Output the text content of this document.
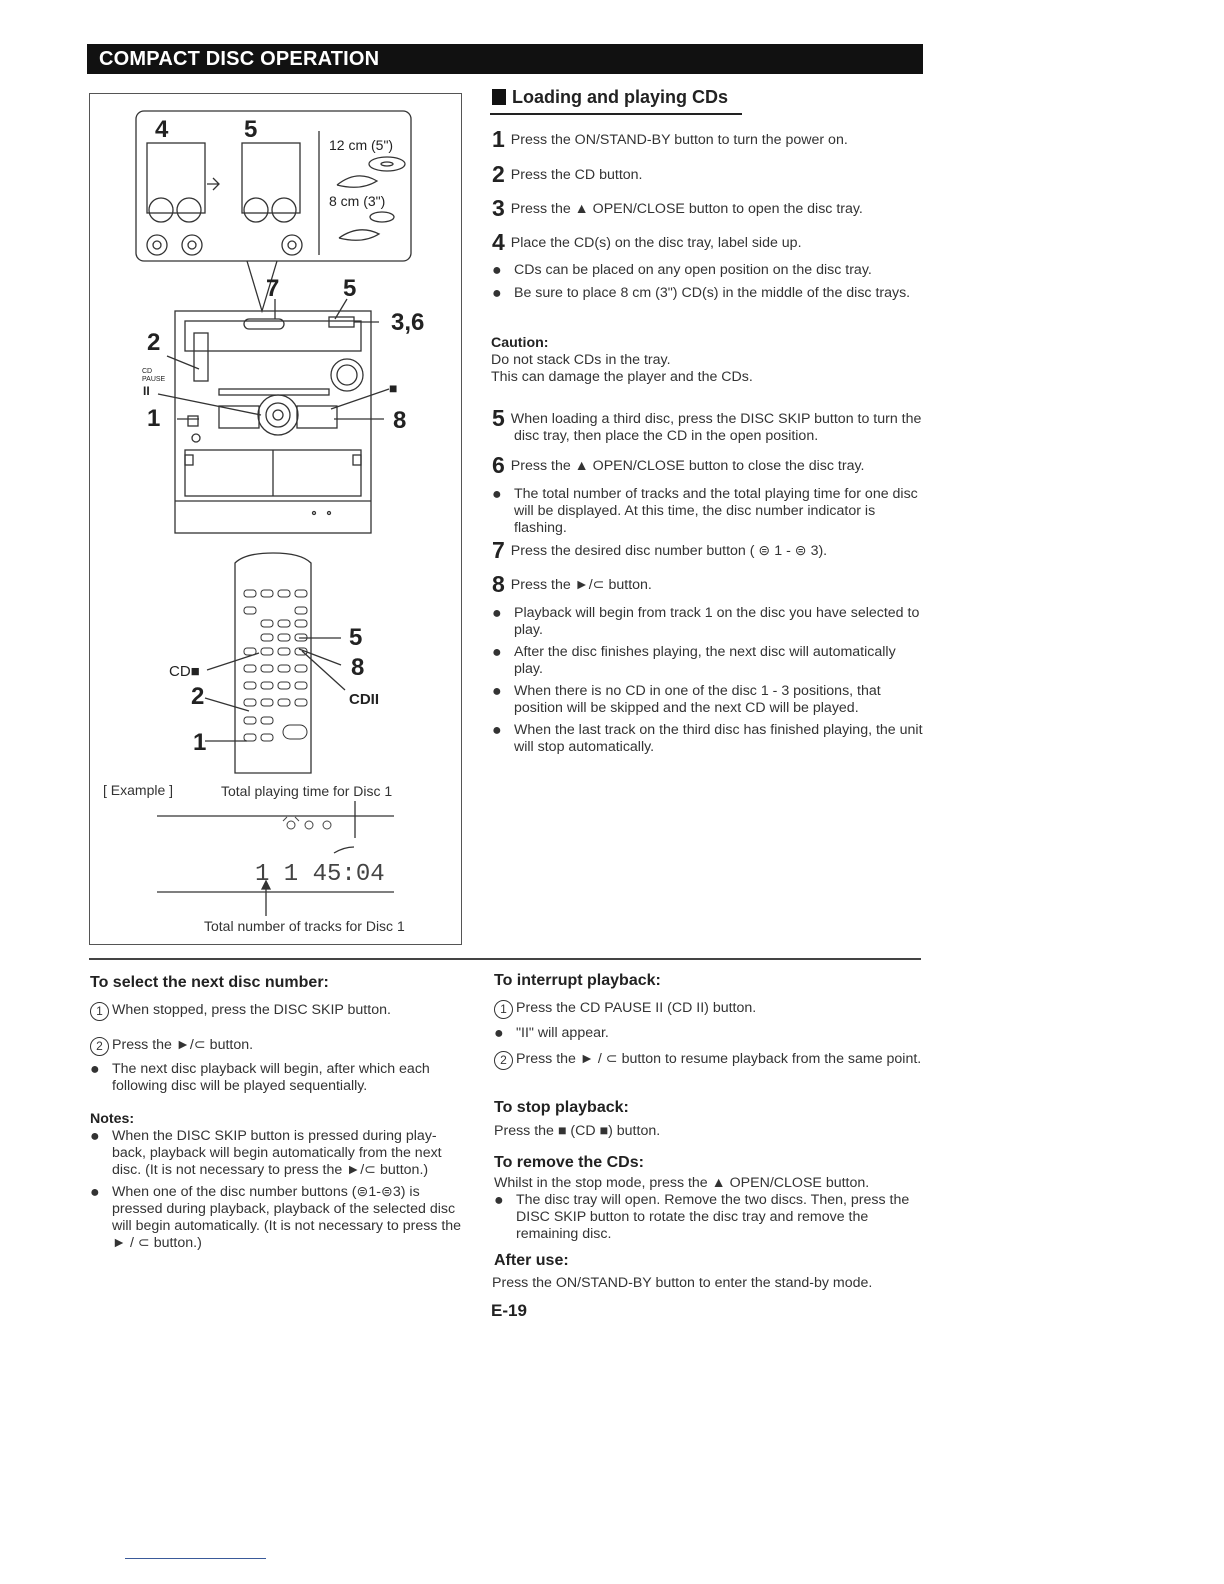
COMPACT DISC OPERATION
4	5
12 cm (5")
8 cm (3")
7	5
3,6
2
CD
PAUSE
II
1
■
8
5
8
CD■
CDII
2
1
[ Example ]	Total playing time for Disc 1
1 1 45:04
Total number of tracks for Disc 1
Loading and playing CDs
1 Press the ON/STAND-BY button to turn the power on.
2 Press the CD button.
3 Press the ▲ OPEN/CLOSE button to open the disc tray.
4 Place the CD(s) on the disc tray, label side up.
● CDs can be placed on any open position on the disc tray.
● Be sure to place 8 cm (3") CD(s) in the middle of the disc trays.
Caution:
Do not stack CDs in the tray.
This can damage the player and the CDs.
5 When loading a third disc, press the DISC SKIP button to turn the disc tray, then place the CD in the open position.
6 Press the ▲ OPEN/CLOSE button to close the disc tray.
● The total number of tracks and the total playing time for one disc will be displayed. At this time, the disc number indicator is flashing.
7 Press the desired disc number button ( ⊜ 1 - ⊜ 3).
8 Press the ►/⊂ button.
● Playback will begin from track 1 on the disc you have selected to play.
● After the disc finishes playing, the next disc will automatically play.
● When there is no CD in one of the disc 1 - 3 positions, that position will be skipped and the next CD will be played.
● When the last track on the third disc has finished playing, the unit will stop automatically.
To select the next disc number:
1 When stopped, press the DISC SKIP button.
2 Press the ►/⊂ button.
● The next disc playback will begin, after which each following disc will be played sequentially.
Notes:
● When the DISC SKIP button is pressed during play-back, playback will begin automatically from the next disc. (It is not necessary to press the ►/⊂ button.)
● When one of the disc number buttons (⊜1-⊜3) is pressed during playback, playback of the selected disc will begin automatically. (It is not necessary to press the ► / ⊂ button.)
To interrupt playback:
1 Press the CD PAUSE II (CD II) button.
● "II" will appear.
2 Press the ► / ⊂ button to resume playback from the same point.
To stop playback:
Press the ■ (CD ■) button.
To remove the CDs:
Whilst in the stop mode, press the ▲ OPEN/CLOSE button.
● The disc tray will open. Remove the two discs. Then, press the DISC SKIP button to rotate the disc tray and remove the remaining disc.
After use:
Press the ON/STAND-BY button to enter the stand-by mode.
E-19
